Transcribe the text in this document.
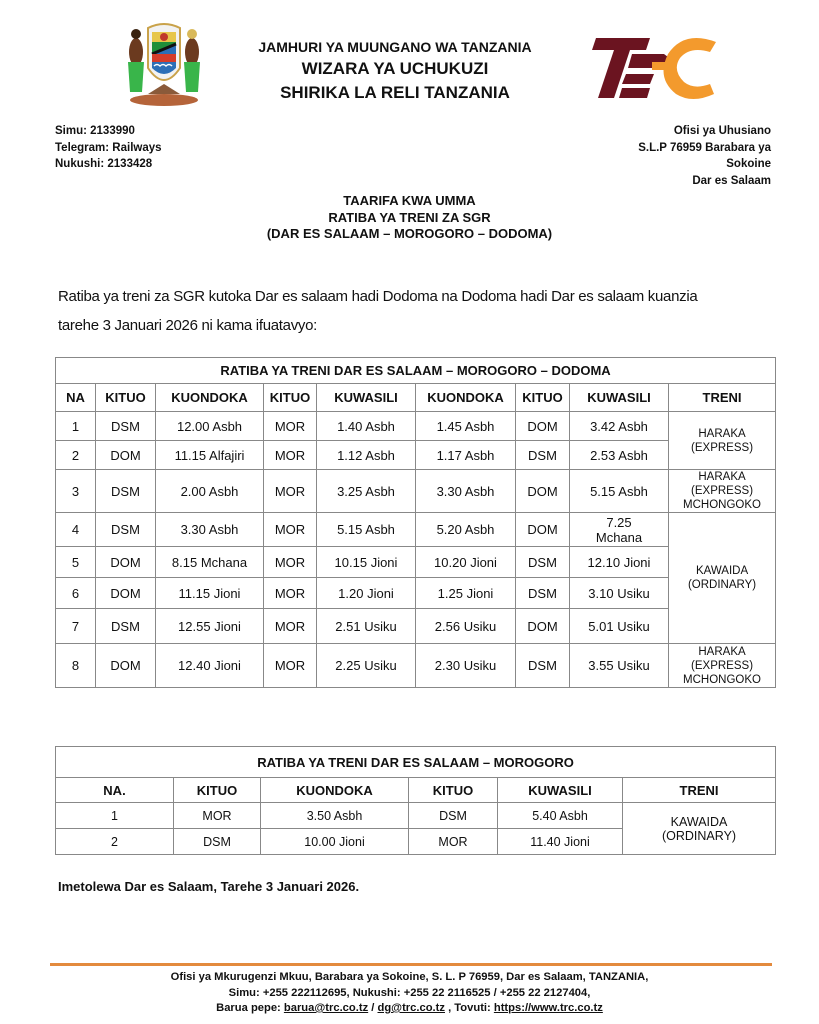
JAMHURI YA MUUNGANO WA TANZANIA
WIZARA YA UCHUKUZI
SHIRIKA LA RELI TANZANIA
Simu: 2133990
Telegram: Railways
Nukushi: 2133428
Ofisi ya Uhusiano
S.L.P 76959 Barabara ya
Sokoine
Dar es Salaam
TAARIFA KWA UMMA
RATIBA YA TRENI ZA SGR
(DAR ES SALAAM – MOROGORO – DODOMA)
Ratiba ya treni za SGR kutoka Dar es salaam hadi Dodoma na Dodoma hadi Dar es salaam kuanzia
tarehe 3 Januari 2026 ni kama ifuatavyo:
RATIBA YA TRENI DAR ES SALAAM – MOROGORO – DODOMA								
NA	KITUO	KUONDOKA	KITUO	KUWASILI	KUONDOKA	KITUO	KUWASILI	TRENI
1	DSM	12.00 Asbh	MOR	1.40 Asbh	1.45 Asbh	DOM	3.42 Asbh	HARAKA
(EXPRESS)

2	DOM	11.15 Alfajiri	MOR	1.12 Asbh	1.17 Asbh	DSM	2.53 Asbh	
3	DSM	2.00 Asbh	MOR	3.25 Asbh	3.30 Asbh	DOM	5.15 Asbh	HARAKA
(EXPRESS)
MCHONGOKO

4	DSM	3.30 Asbh	MOR	5.15 Asbh	5.20 Asbh	DOM	7.25 Mchana	KAWAIDA
(ORDINARY)

5	DOM	8.15 Mchana	MOR	10.15 Jioni	10.20 Jioni	DSM	12.10 Jioni	
6	DOM	11.15 Jioni	MOR	1.20 Jioni	1.25 Jioni	DSM	3.10 Usiku	
7	DSM	12.55 Jioni	MOR	2.51 Usiku	2.56 Usiku	DOM	5.01 Usiku	
8	DOM	12.40 Jioni	MOR	2.25 Usiku	2.30 Usiku	DSM	3.55 Usiku	HARAKA
(EXPRESS)
MCHONGOKO
RATIBA YA TRENI DAR ES SALAAM – MOROGORO					
NA.	KITUO	KUONDOKA	KITUO	KUWASILI	TRENI
1	MOR	3.50 Asbh	DSM	5.40 Asbh	KAWAIDA
(ORDINARY)

2	DSM	10.00 Jioni	MOR	11.40 Jioni	
Imetolewa Dar es Salaam, Tarehe 3 Januari 2026.
Ofisi ya Mkurugenzi Mkuu, Barabara ya Sokoine, S. L. P 76959, Dar es Salaam, TANZANIA,
Simu: +255 222112695, Nukushi: +255 22 2116525 / +255 22 2127404,
Barua pepe: barua@trc.co.tz / dg@trc.co.tz , Tovuti: https://www.trc.co.tz
